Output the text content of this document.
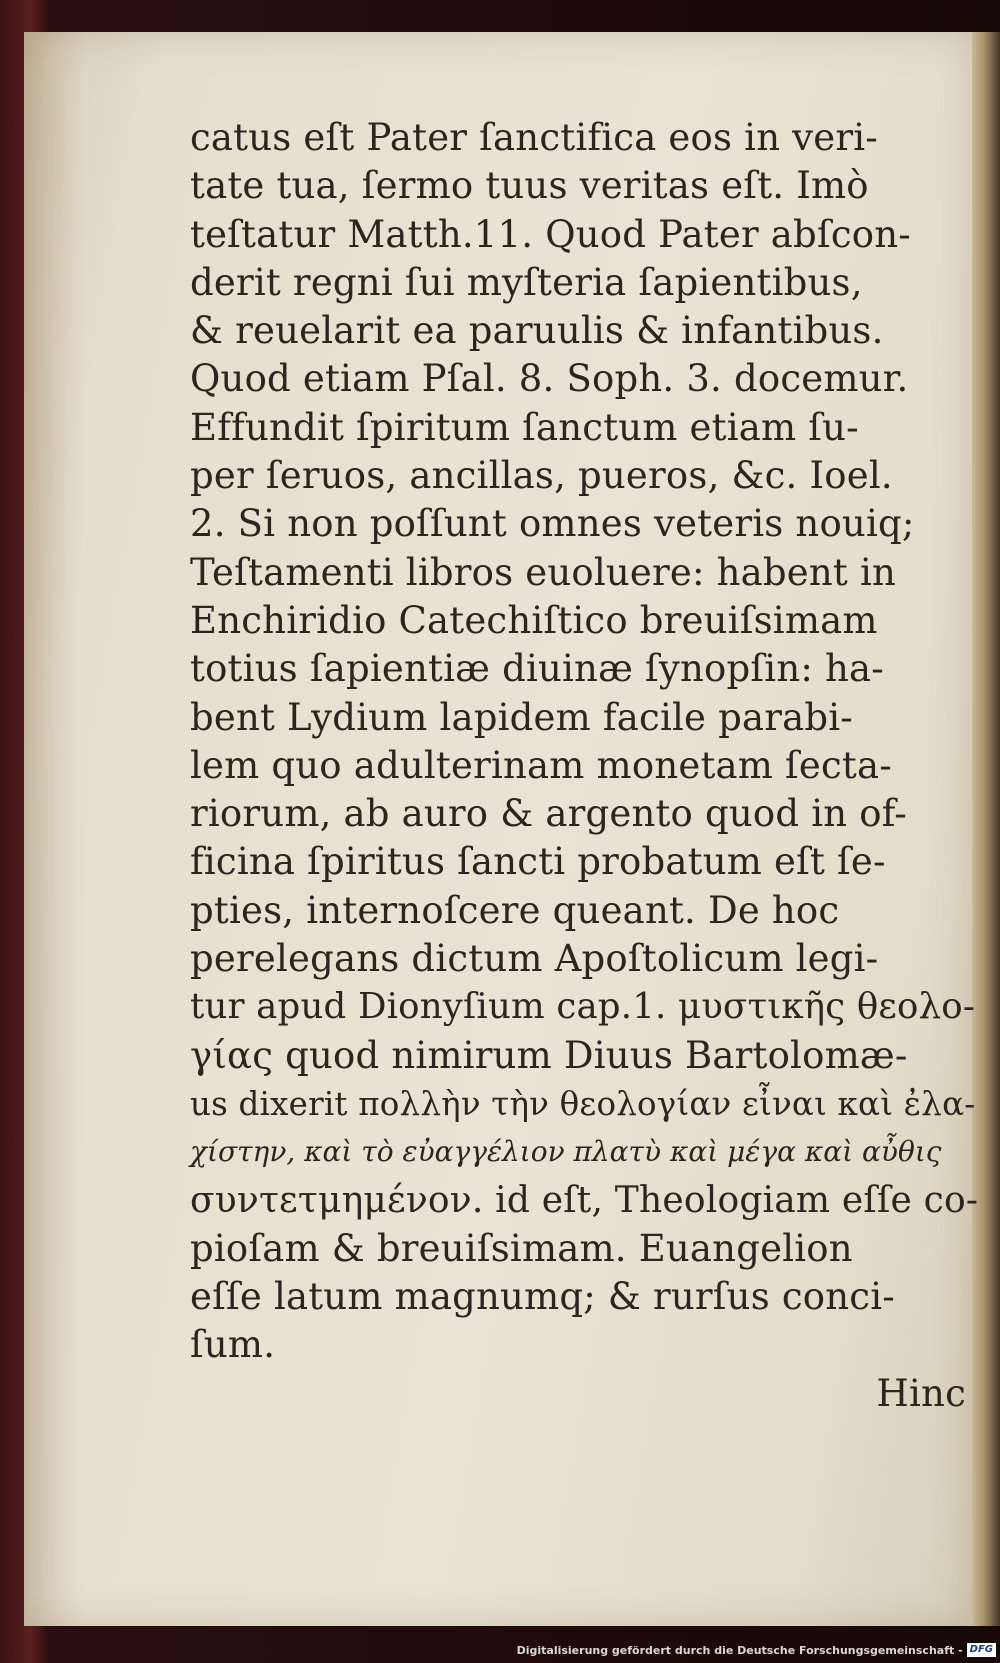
catus eſt Pater ſanctifica eos in veri-
tate tua, ſermo tuus veritas eſt. Imò
teſtatur Matth.11. Quod Pater abſcon-
derit regni ſui myſteria ſapientibus,
& reuelarit ea paruulis & infantibus.
Quod etiam Pſal. 8. Soph. 3. docemur.
Effundit ſpiritum ſanctum etiam ſu-
per ſeruos, ancillas, pueros, &c. Ioel.
2. Si non poſſunt omnes veteris nouiq;
Teſtamenti libros euoluere: habent in
Enchiridio Catechiſtico breuiſsimam
totius ſapientiæ diuinæ ſynopſin: ha-
bent Lydium lapidem facile parabi-
lem quo adulterinam monetam ſecta-
riorum, ab auro & argento quod in of-
ficina ſpiritus ſancti probatum eſt ſe-
pties, internoſcere queant. De hoc
perelegans dictum Apoſtolicum legi-
tur apud Dionyſium cap.1. μυστικῆς θεολο-
γίας quod nimirum Diuus Bartolomæ-
us dixerit πολλὴν τὴν θεολογίαν εἶναι καὶ ἐλα-
χίστην, καὶ τὸ εὐαγγέλιον πλατὺ καὶ μέγα καὶ αὖθις
συντετμημένον. id eſt, Theologiam eſſe co-
pioſam & breuiſsimam. Euangelion
eſſe latum magnumq; & rurſus conci-
ſum.
Hinc
Digitalisierung gefördert durch die Deutsche Forschungsgemeinschaft - DFG
